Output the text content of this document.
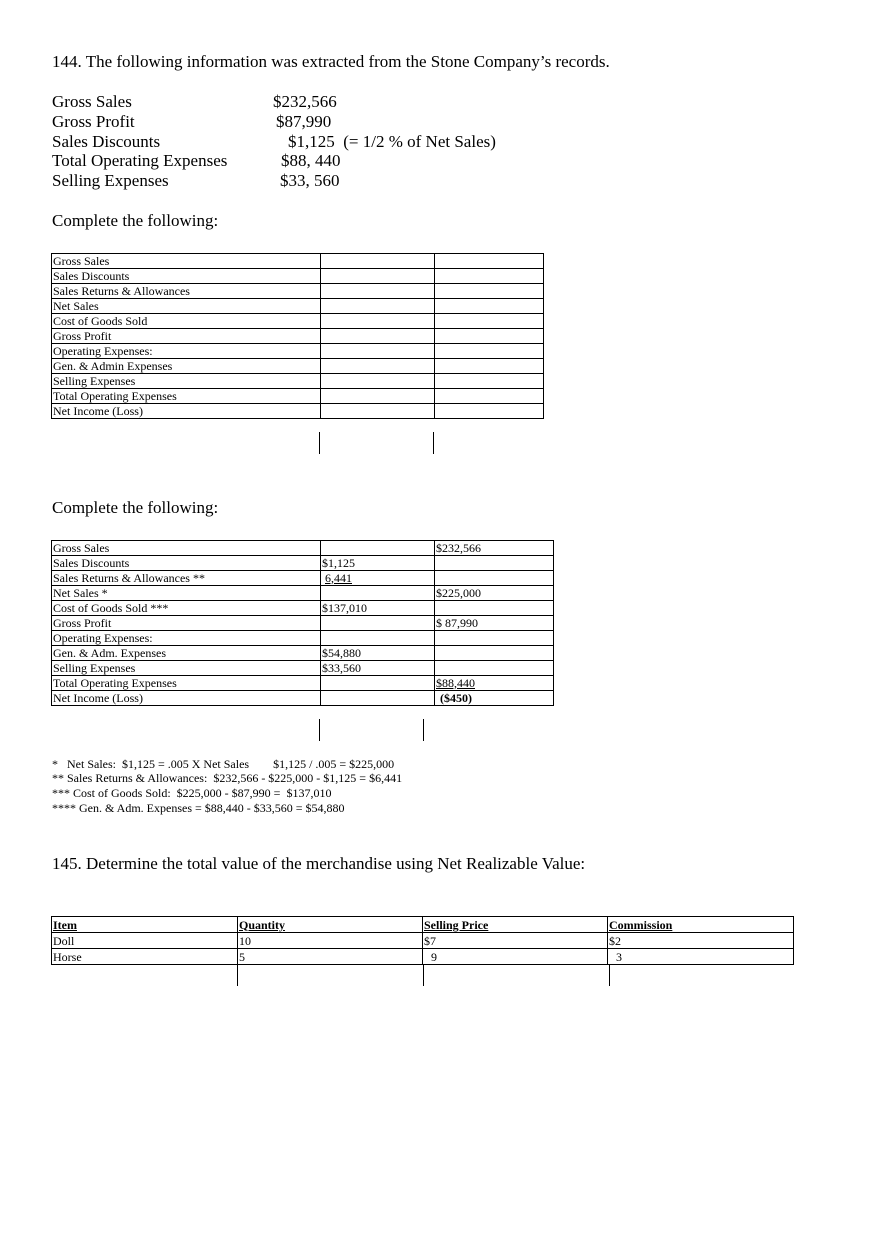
144. The following information was extracted from the Stone Company’s records.
Gross Sales	$232,566
Gross Profit	$87,990
Sales Discounts	$1,125  (= 1/2 % of Net Sales)
Total Operating Expenses	$88, 440
Selling Expenses	$33, 560
Complete the following:
Gross Sales		
Sales Discounts		
Sales Returns & Allowances		
Net Sales		
Cost of Goods Sold		
Gross Profit		
Operating Expenses:		
Gen. & Admin Expenses		
Selling Expenses		
Total Operating Expenses		
Net Income (Loss)		
Complete the following:
Gross Sales		$232,566
Sales Discounts	$1,125	
Sales Returns & Allowances **	6,441	
Net Sales *		$225,000
Cost of Goods Sold ***	$137,010	
Gross Profit		$ 87,990
Operating Expenses:		
Gen. & Adm. Expenses	$54,880	
Selling Expenses	$33,560	
Total Operating Expenses		$88,440
Net Income (Loss)		($450)
*   Net Sales:  $1,125 = .005 X Net Sales        $1,125 / .005 = $225,000
** Sales Returns & Allowances:  $232,566 - $225,000 - $1,125 = $6,441
*** Cost of Goods Sold:  $225,000 - $87,990 =  $137,010
**** Gen. & Adm. Expenses = $88,440 - $33,560 = $54,880
145. Determine the total value of the merchandise using Net Realizable Value:
Item	Quantity	Selling Price	Commission
Doll	10	$7	$2
Horse	5	9	3
